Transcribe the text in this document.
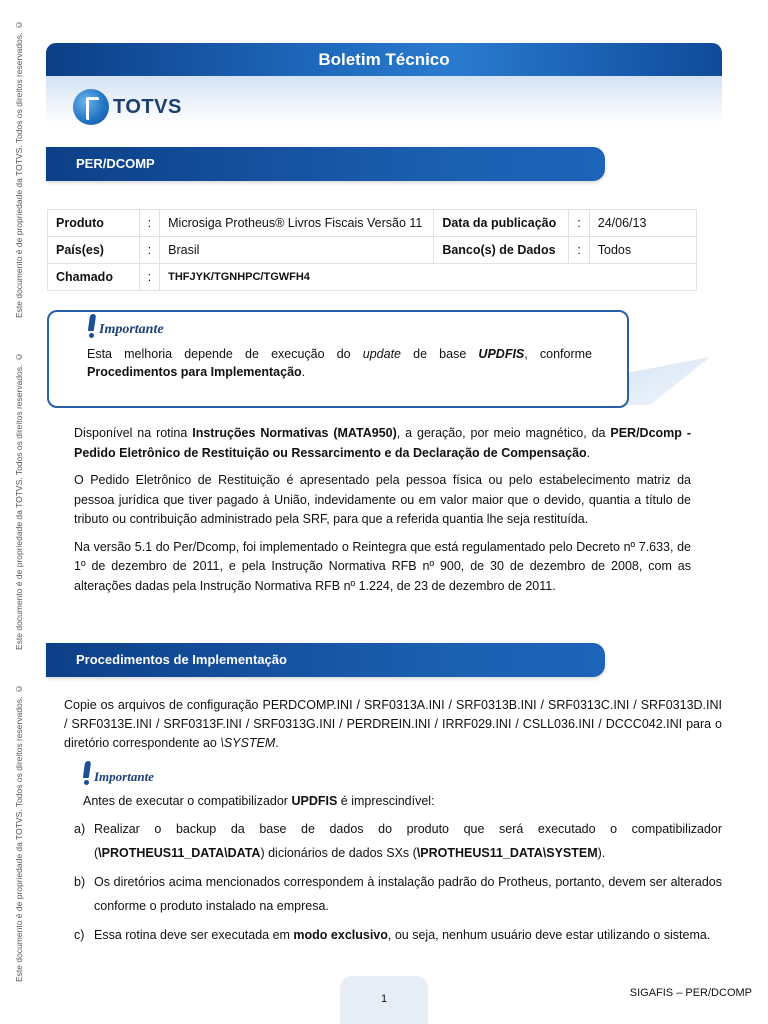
Este documento é de propriedade da TOTVS. Todos os direitos reservados. ©
Este documento é de propriedade da TOTVS. Todos os direitos reservados. ©
Este documento é de propriedade da TOTVS. Todos os direitos reservados. ©
Boletim Técnico
TOTVS
PER/DCOMP
Produto	:	Microsiga Protheus® Livros Fiscais Versão 11	Data da publicação	:	24/06/13
País(es)	:	Brasil	Banco(s) de Dados	:	Todos
Chamado	:	THFJYK/TGNHPC/TGWFH4			
Importante
Esta melhoria depende de execução do update de base UPDFIS, conforme Procedimentos para Implementação.

Disponível na rotina Instruções Normativas (MATA950), a geração, por meio magnético, da PER/Dcomp - Pedido Eletrônico de Restituição ou Ressarcimento e da Declaração de Compensação.

O Pedido Eletrônico de Restituição é apresentado pela pessoa física ou pelo estabelecimento matriz da pessoa jurídica que tiver pagado à União, indevidamente ou em valor maior que o devido, quantia a título de tributo ou contribuição administrado pela SRF, para que a referida quantia lhe seja restituída.

Na versão 5.1 do Per/Dcomp, foi implementado o Reintegra que está regulamentado pelo Decreto nº 7.633, de 1º de dezembro de 2011, e pela Instrução Normativa RFB nº 900, de 30 de dezembro de 2008, com as alterações dadas pela Instrução Normativa RFB nº 1.224, de 23 de dezembro de 2011.

Procedimentos de Implementação

Copie os arquivos de configuração PERDCOMP.INI / SRF0313A.INI / SRF0313B.INI / SRF0313C.INI / SRF0313D.INI / SRF0313E.INI / SRF0313F.INI / SRF0313G.INI / PERDREIN.INI / IRRF029.INI / CSLL036.INI / DCCC042.INI para o diretório correspondente ao \SYSTEM.

Importante
Antes de executar o compatibilizador UPDFIS é imprescindível:
a) Realizar o backup da base de dados do produto que será executado o compatibilizador (\PROTHEUS11_DATA\DATA) dicionários de dados SXs (\PROTHEUS11_DATA\SYSTEM).
b) Os diretórios acima mencionados correspondem à instalação padrão do Protheus, portanto, devem ser alterados conforme o produto instalado na empresa.
c) Essa rotina deve ser executada em modo exclusivo, ou seja, nenhum usuário deve estar utilizando o sistema.
1	SIGAFIS – PER/DCOMP
